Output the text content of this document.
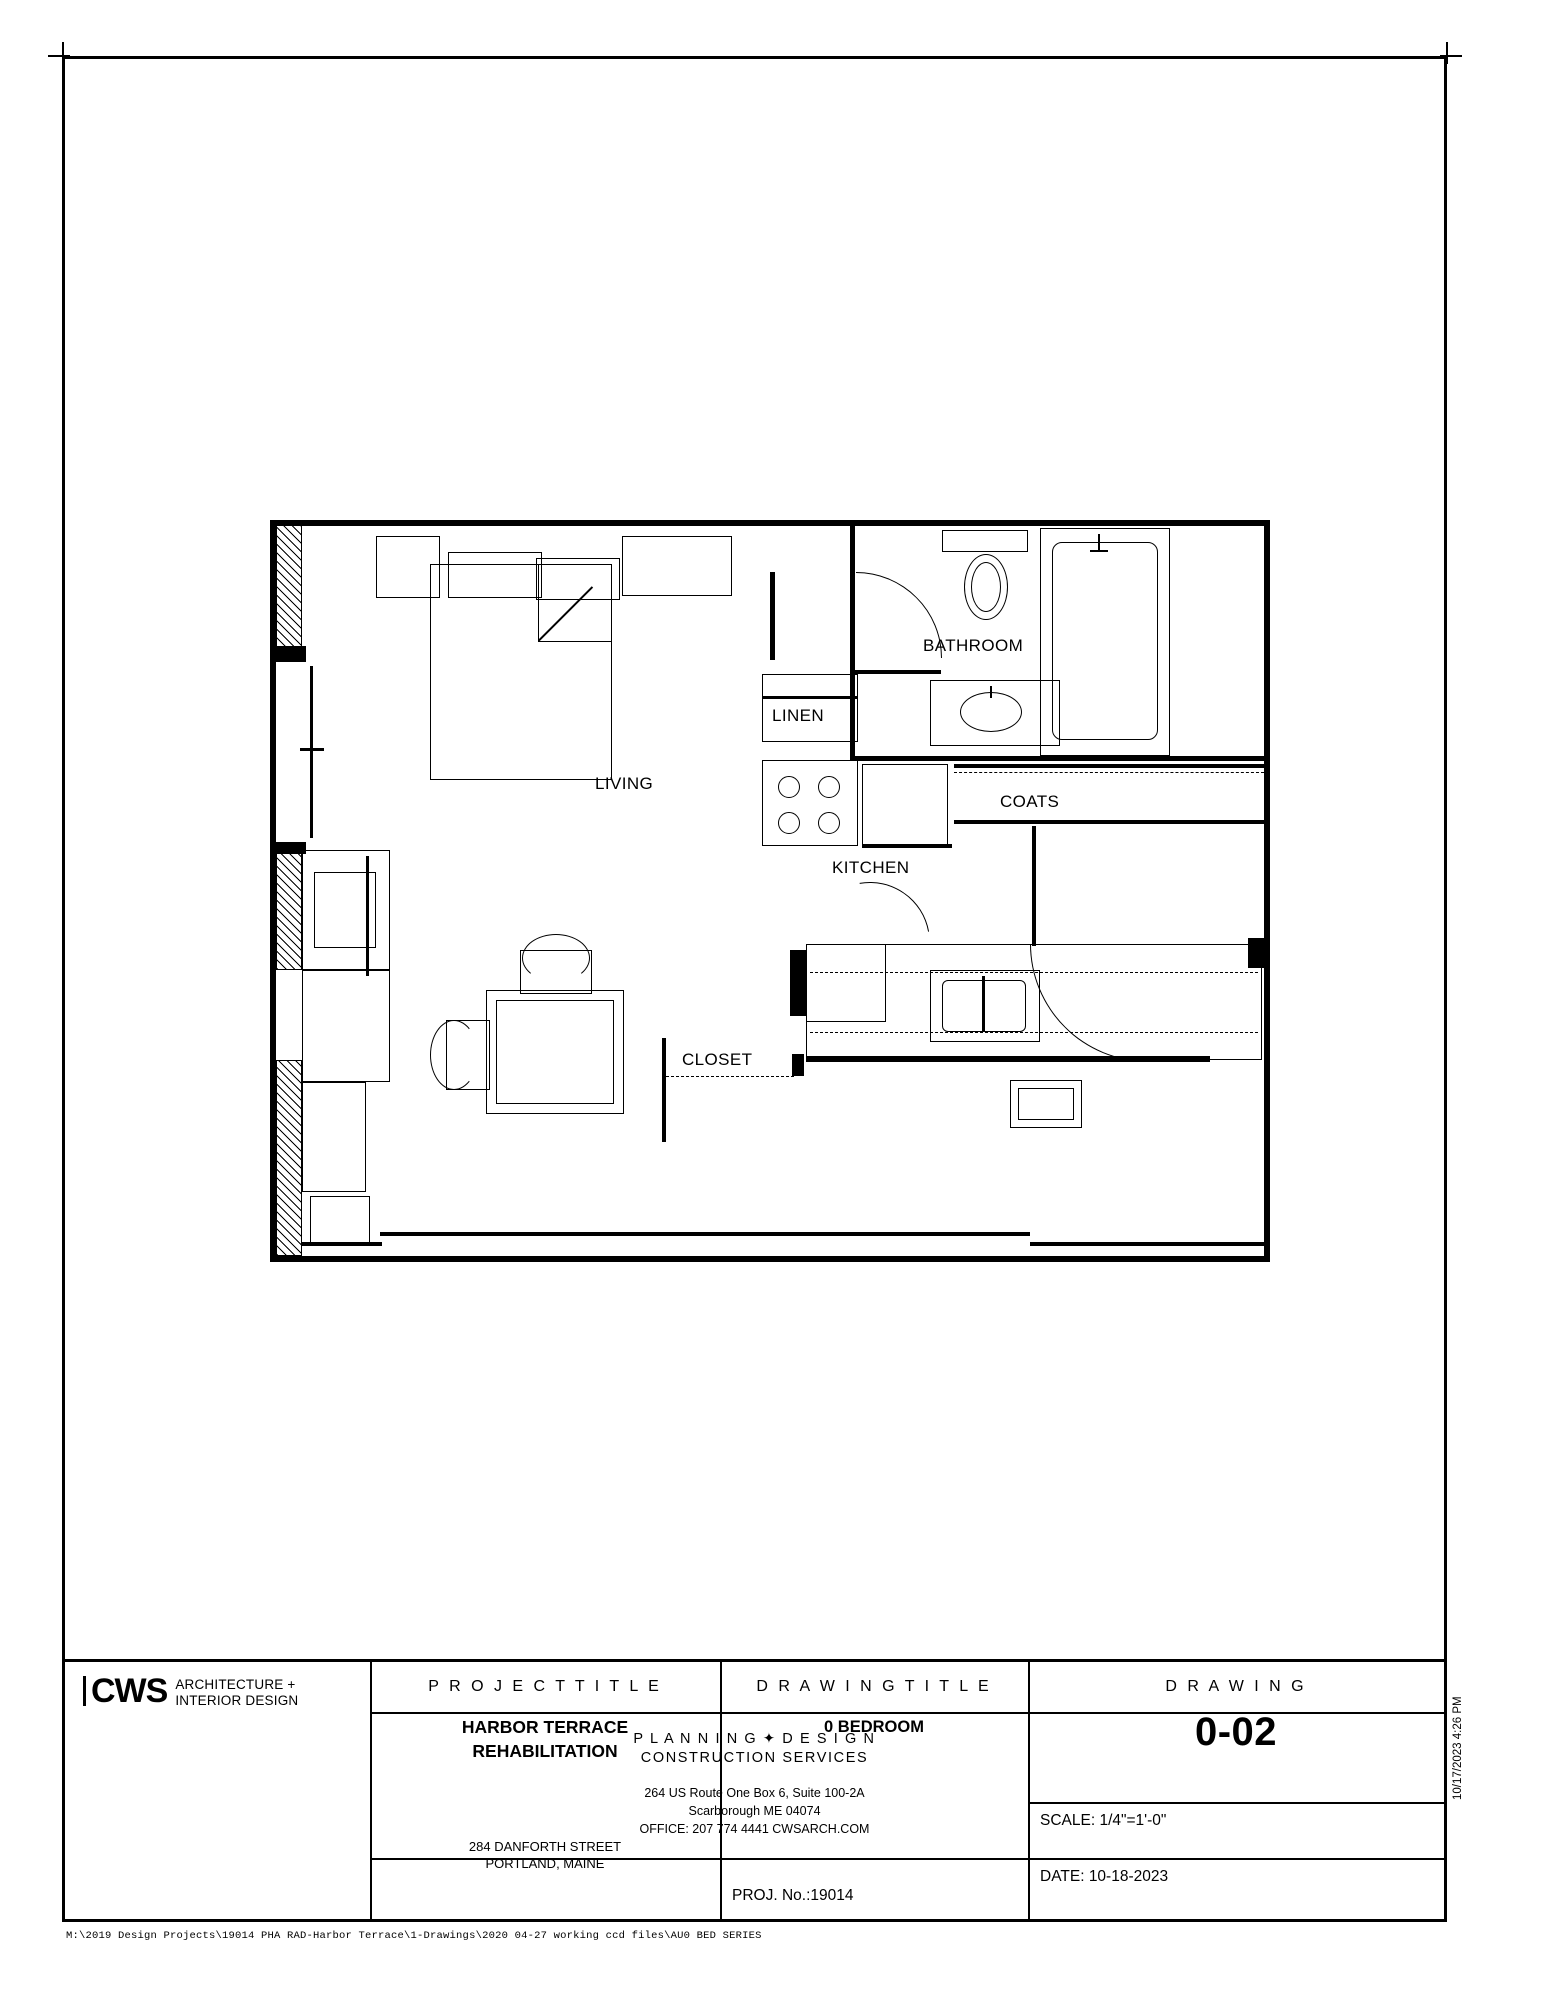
LIVING
BATHROOM
LINEN
KITCHEN
COATS
CLOSET
CWS ARCHITECTURE +
INTERIOR DESIGN
P L A N N I N G ✦ D E S I G N
CONSTRUCTION SERVICES
264 US Route One Box 6, Suite 100-2A
Scarborough ME 04074
OFFICE: 207 774 4441 CWSARCH.COM
P R O J E C T T I T L E
HARBOR TERRACE
REHABILITATION
284 DANFORTH STREET
PORTLAND, MAINE
D R A W I N G T I T L E
0 BEDROOM
PROJ. No.:19014
D R A W I N G
0-02
SCALE: 1/4"=1'-0"
DATE: 10-18-2023
M:\2019 Design Projects\19014 PHA RAD-Harbor Terrace\1-Drawings\2020 04-27 working ccd files\AU0 BED SERIES
10/17/2023 4:26 PM
